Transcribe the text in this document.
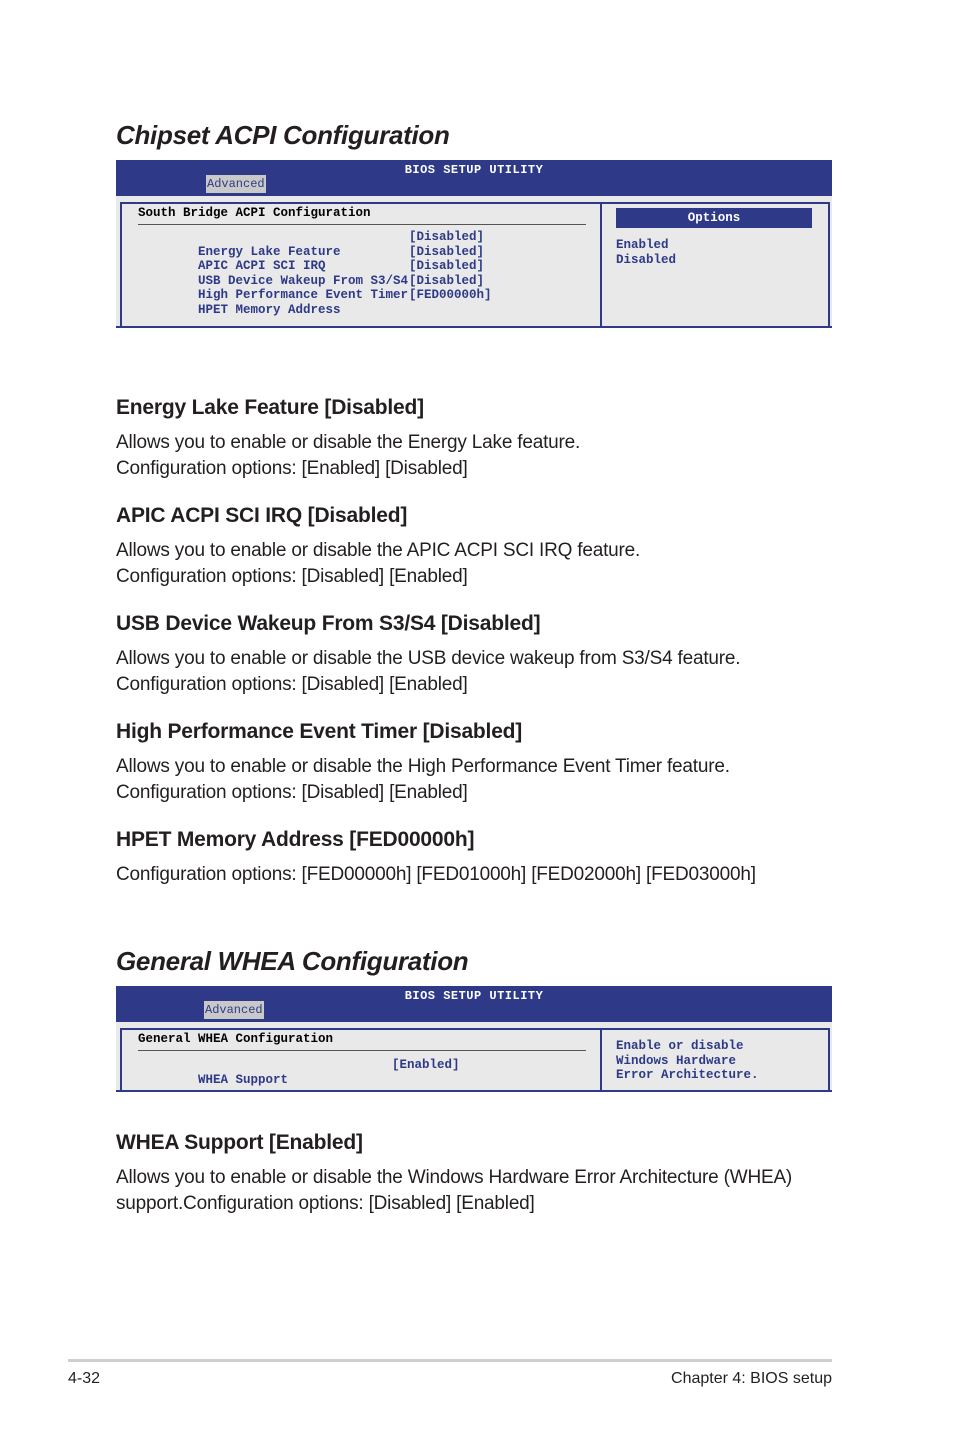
Chipset ACPI Configuration
BIOS SETUP UTILITY
Advanced
South Bridge ACPI Configuration

Energy Lake Feature

[Disabled]

APIC ACPI SCI IRQ

[Disabled]

USB Device Wakeup From S3/S4

[Disabled]

High Performance Event Timer

[Disabled]

HPET Memory Address

[FED00000h]

Options
Enabled
Disabled
Energy Lake Feature [Disabled]

Allows you to enable or disable the Energy Lake feature.
Configuration options: [Enabled] [Disabled]

APIC ACPI SCI IRQ [Disabled]

Allows you to enable or disable the APIC ACPI SCI IRQ feature.
Configuration options: [Disabled] [Enabled]

USB Device Wakeup From S3/S4 [Disabled]

Allows you to enable or disable the USB device wakeup from S3/S4 feature.
Configuration options: [Disabled] [Enabled]

High Performance Event Timer [Disabled]

Allows you to enable or disable the High Performance Event Timer feature.
Configuration options: [Disabled] [Enabled]

HPET Memory Address [FED00000h]

Configuration options: [FED00000h] [FED01000h] [FED02000h] [FED03000h]

General WHEA Configuration
BIOS SETUP UTILITY
Advanced
General WHEA Configuration

WHEA Support

[Enabled]

Enable or disable
Windows Hardware
Error Architecture.
WHEA Support [Enabled]

Allows you to enable or disable the Windows Hardware Error Architecture (WHEA)
support.Configuration options: [Disabled] [Enabled]

4-32	Chapter 4: BIOS setup
